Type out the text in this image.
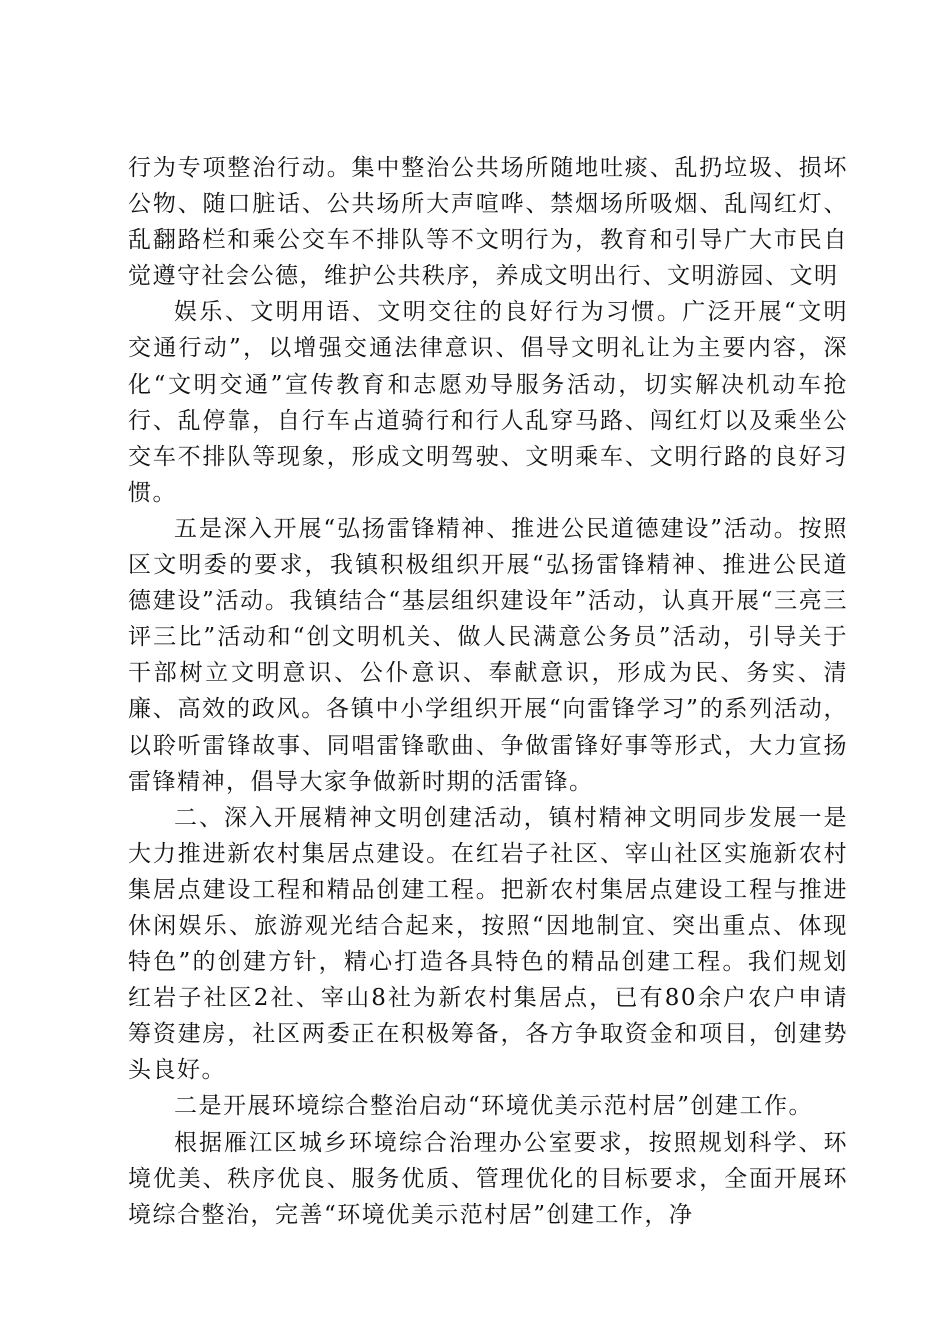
行为专项整治行动。集中整治公共场所随地吐痰、乱扔垃圾、损坏公物、随口脏话、公共场所大声喧哗、禁烟场所吸烟、乱闯红灯、乱翻路栏和乘公交车不排队等不文明行为，教育和引导广大市民自觉遵守社会公德，维护公共秩序，养成文明出行、文明游园、文明

娱乐、文明用语、文明交往的良好行为习惯。广泛开展“文明交通行动”，以增强交通法律意识、倡导文明礼让为主要内容，深化“文明交通”宣传教育和志愿劝导服务活动，切实解决机动车抢行、乱停靠，自行车占道骑行和行人乱穿马路、闯红灯以及乘坐公交车不排队等现象，形成文明驾驶、文明乘车、文明行路的良好习惯。

五是深入开展“弘扬雷锋精神、推进公民道德建设”活动。按照区文明委的要求，我镇积极组织开展“弘扬雷锋精神、推进公民道德建设”活动。我镇结合“基层组织建设年”活动，认真开展“三亮三评三比”活动和“创文明机关、做人民满意公务员”活动，引导关于干部树立文明意识、公仆意识、奉献意识，形成为民、务实、清廉、高效的政风。各镇中小学组织开展“向雷锋学习”的系列活动，以聆听雷锋故事、同唱雷锋歌曲、争做雷锋好事等形式，大力宣扬雷锋精神，倡导大家争做新时期的活雷锋。

二、深入开展精神文明创建活动，镇村精神文明同步发展一是大力推进新农村集居点建设。在红岩子社区、宰山社区实施新农村集居点建设工程和精品创建工程。把新农村集居点建设工程与推进休闲娱乐、旅游观光结合起来，按照“因地制宜、突出重点、体现特色”的创建方针，精心打造各具特色的精品创建工程。我们规划红岩子社区2社、宰山8社为新农村集居点，已有80余户农户申请筹资建房，社区两委正在积极筹备，各方争取资金和项目，创建势头良好。

二是开展环境综合整治启动“环境优美示范村居”创建工作。

根据雁江区城乡环境综合治理办公室要求，按照规划科学、环境优美、秩序优良、服务优质、管理优化的目标要求，全面开展环境综合整治，完善“环境优美示范村居”创建工作，净
